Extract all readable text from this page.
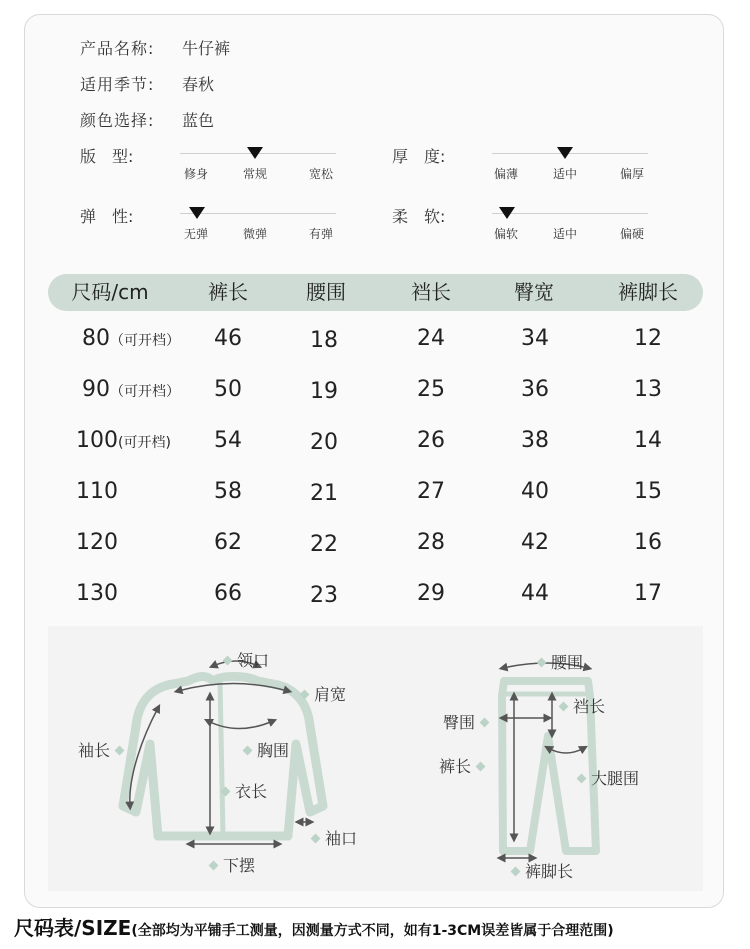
产品名称: 牛仔裤
适用季节: 春秋
颜色选择: 蓝色
版　型:
修身	常规	宽松
厚　度:
偏薄	适中	偏厚
弹　性:
无弹	微弹	有弹
柔　软:
偏软	适中	偏硬
尺码/cm	裤长	腰围	裆长	臀宽	裤脚长
80（可开档） 46	18	24	34	12
90（可开档） 50	19	25	36	13
100(可开档) 54	20	26	38	14
110	58	21	27	40	15
120	62	22	28	42	16
130	66	23	29	44	17
领口
肩宽
袖长	胸围
衣长
袖口
下摆
腰围
臀围
裆长
裤长
大腿围
裤脚长
尺码表/SIZE(全部均为平铺手工测量，因测量方式不同，如有1-3CM误差皆属于合理范围)
